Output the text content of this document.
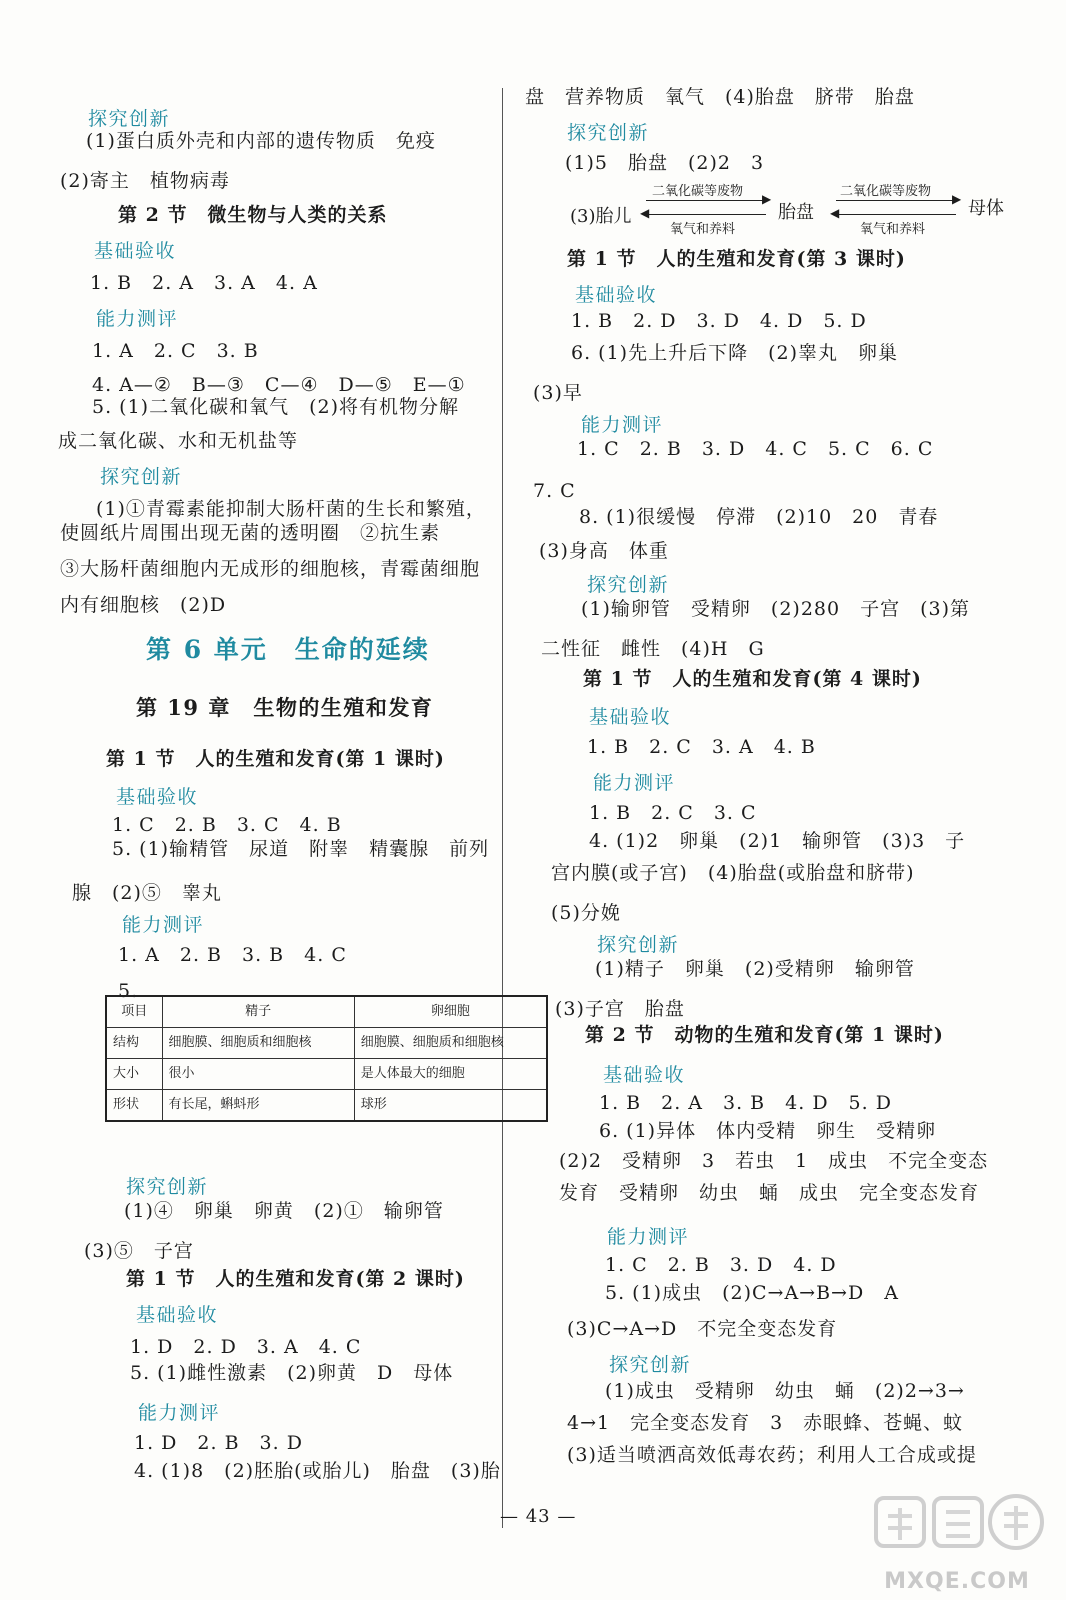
探究创新
(1)蛋白质外壳和内部的遗传物质　免疫
(2)寄主　植物病毒
第 2 节　微生物与人类的关系
基础验收
1. B　2. A　3. A　4. A
能力测评
1. A　2. C　3. B
4. A—②　B—③　C—④　D—⑤　E—①
5. (1)二氧化碳和氧气　(2)将有机物分解
成二氧化碳、水和无机盐等
探究创新
(1)①青霉素能抑制大肠杆菌的生长和繁殖，
使圆纸片周围出现无菌的透明圈　②抗生素
③大肠杆菌细胞内无成形的细胞核，青霉菌细胞
内有细胞核　(2)D
第 6 单元　生命的延续
第 19 章　生物的生殖和发育
第 1 节　人的生殖和发育(第 1 课时)
基础验收
1. C　2. B　3. C　4. B
5. (1)输精管　尿道　附睾　精囊腺　前列
腺　(2)⑤　睾丸
能力测评
1. A　2. B　3. B　4. C
5.
项目	精子	卵细胞
结构	细胞膜、细胞质和细胞核	细胞膜、细胞质和细胞核
大小	很小	是人体最大的细胞
形状	有长尾，蝌蚪形	球形
探究创新
(1)④　卵巢　卵黄　(2)①　输卵管
(3)⑤　子宫
第 1 节　人的生殖和发育(第 2 课时)
基础验收
1. D　2. D　3. A　4. C
5. (1)雌性激素　(2)卵黄　D　母体
能力测评
1. D　2. B　3. D
4. (1)8　(2)胚胎(或胎儿)　胎盘　(3)胎
盘　营养物质　氧气　(4)胎盘　脐带　胎盘
探究创新
(1)5　胎盘　(2)2　3
(3)胎儿
二氧化碳等废物 ▶
◀
氧气和养料
胎盘
二氧化碳等废物 ▶
◀
氧气和养料
母体
第 1 节　人的生殖和发育(第 3 课时)
基础验收
1. B　2. D　3. D　4. D　5. D
6. (1)先上升后下降　(2)睾丸　卵巢
(3)早
能力测评
1. C　2. B　3. D　4. C　5. C　6. C
7. C
8. (1)很缓慢　停滞　(2)10　20　青春
(3)身高　体重
探究创新
(1)输卵管　受精卵　(2)280　子宫　(3)第
二性征　雌性　(4)H　G
第 1 节　人的生殖和发育(第 4 课时)
基础验收
1. B　2. C　3. A　4. B
能力测评
1. B　2. C　3. C
4. (1)2　卵巢　(2)1　输卵管　(3)3　子
宫内膜(或子宫)　(4)胎盘(或胎盘和脐带)
(5)分娩
探究创新
(1)精子　卵巢　(2)受精卵　输卵管
(3)子宫　胎盘
第 2 节　动物的生殖和发育(第 1 课时)
基础验收
1. B　2. A　3. B　4. D　5. D
6. (1)异体　体内受精　卵生　受精卵
(2)2　受精卵　3　若虫　1　成虫　不完全变态
发育　受精卵　幼虫　蛹　成虫　完全变态发育
能力测评
1. C　2. B　3. D　4. D
5. (1)成虫　(2)C→A→B→D　A
(3)C→A→D　不完全变态发育
探究创新
(1)成虫　受精卵　幼虫　蛹　(2)2→3→
4→1　完全变态发育　3　赤眼蜂、苍蝇、蚊
(3)适当喷洒高效低毒农药；利用人工合成或提
— 43 —
MXQE.COM
